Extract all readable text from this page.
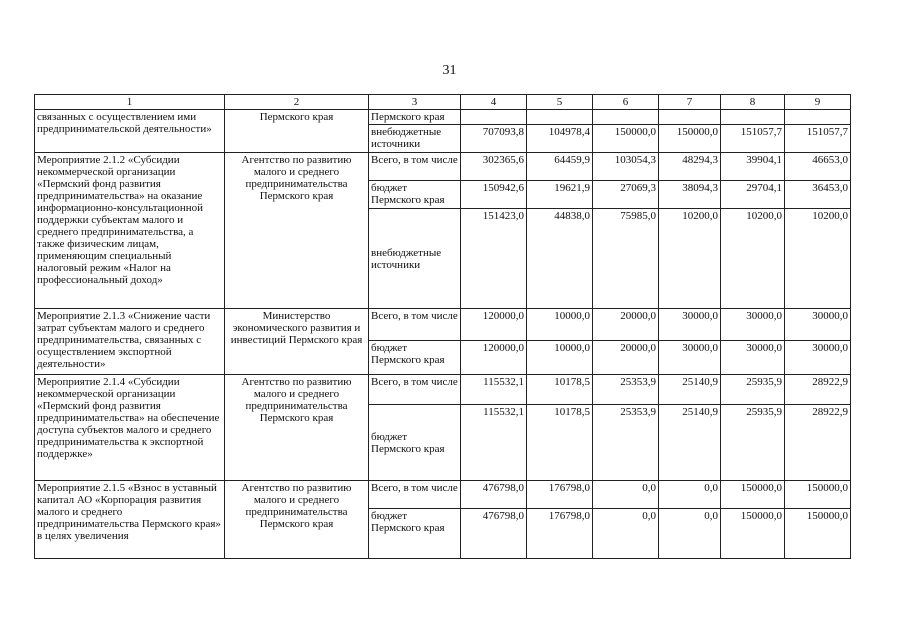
31
1	2	3	4	5	6	7	8	9
связанных с осуществлением ими предпринимательской деятельности»	Пермского края	Пермского края						
		внебюджетные источники	707093,8	104978,4	150000,0	150000,0	151057,7	151057,7
Мероприятие 2.1.2 «Субсидии некоммерческой организации «Пермский фонд развития предпринимательства» на оказание информационно-консультационной поддержки субъектам малого и среднего предпринимательства, а также физическим лицам, применяющим специальный налоговый режим «Налог на профессиональный доход»	Агентство по развитию малого и среднего предпринимательства Пермского края	Всего, в том числе	302365,6	64459,9	103054,3	48294,3	39904,1	46653,0
		бюджет Пермского края	150942,6	19621,9	27069,3	38094,3	29704,1	36453,0
		внебюджетные источники	151423,0	44838,0	75985,0	10200,0	10200,0	10200,0
Мероприятие 2.1.3 «Снижение части затрат субъектам малого и среднего предпринимательства, связанных с осуществлением экспортной деятельности»	Министерство экономического развития и инвестиций Пермского края	Всего, в том числе	120000,0	10000,0	20000,0	30000,0	30000,0	30000,0
		бюджет Пермского края	120000,0	10000,0	20000,0	30000,0	30000,0	30000,0
Мероприятие 2.1.4 «Субсидии некоммерческой организации «Пермский фонд развития предпринимательства» на обеспечение доступа субъектов малого и среднего предпринимательства к экспортной поддержке»	Агентство по развитию малого и среднего предпринимательства Пермского края	Всего, в том числе	115532,1	10178,5	25353,9	25140,9	25935,9	28922,9
		бюджет Пермского края	115532,1	10178,5	25353,9	25140,9	25935,9	28922,9
Мероприятие 2.1.5 «Взнос в уставный капитал АО «Корпорация развития малого и среднего предпринимательства Пермского края» в целях увеличения	Агентство по развитию малого и среднего предпринимательства Пермского края	Всего, в том числе	476798,0	176798,0	0,0	0,0	150000,0	150000,0
		бюджет Пермского края	476798,0	176798,0	0,0	0,0	150000,0	150000,0
